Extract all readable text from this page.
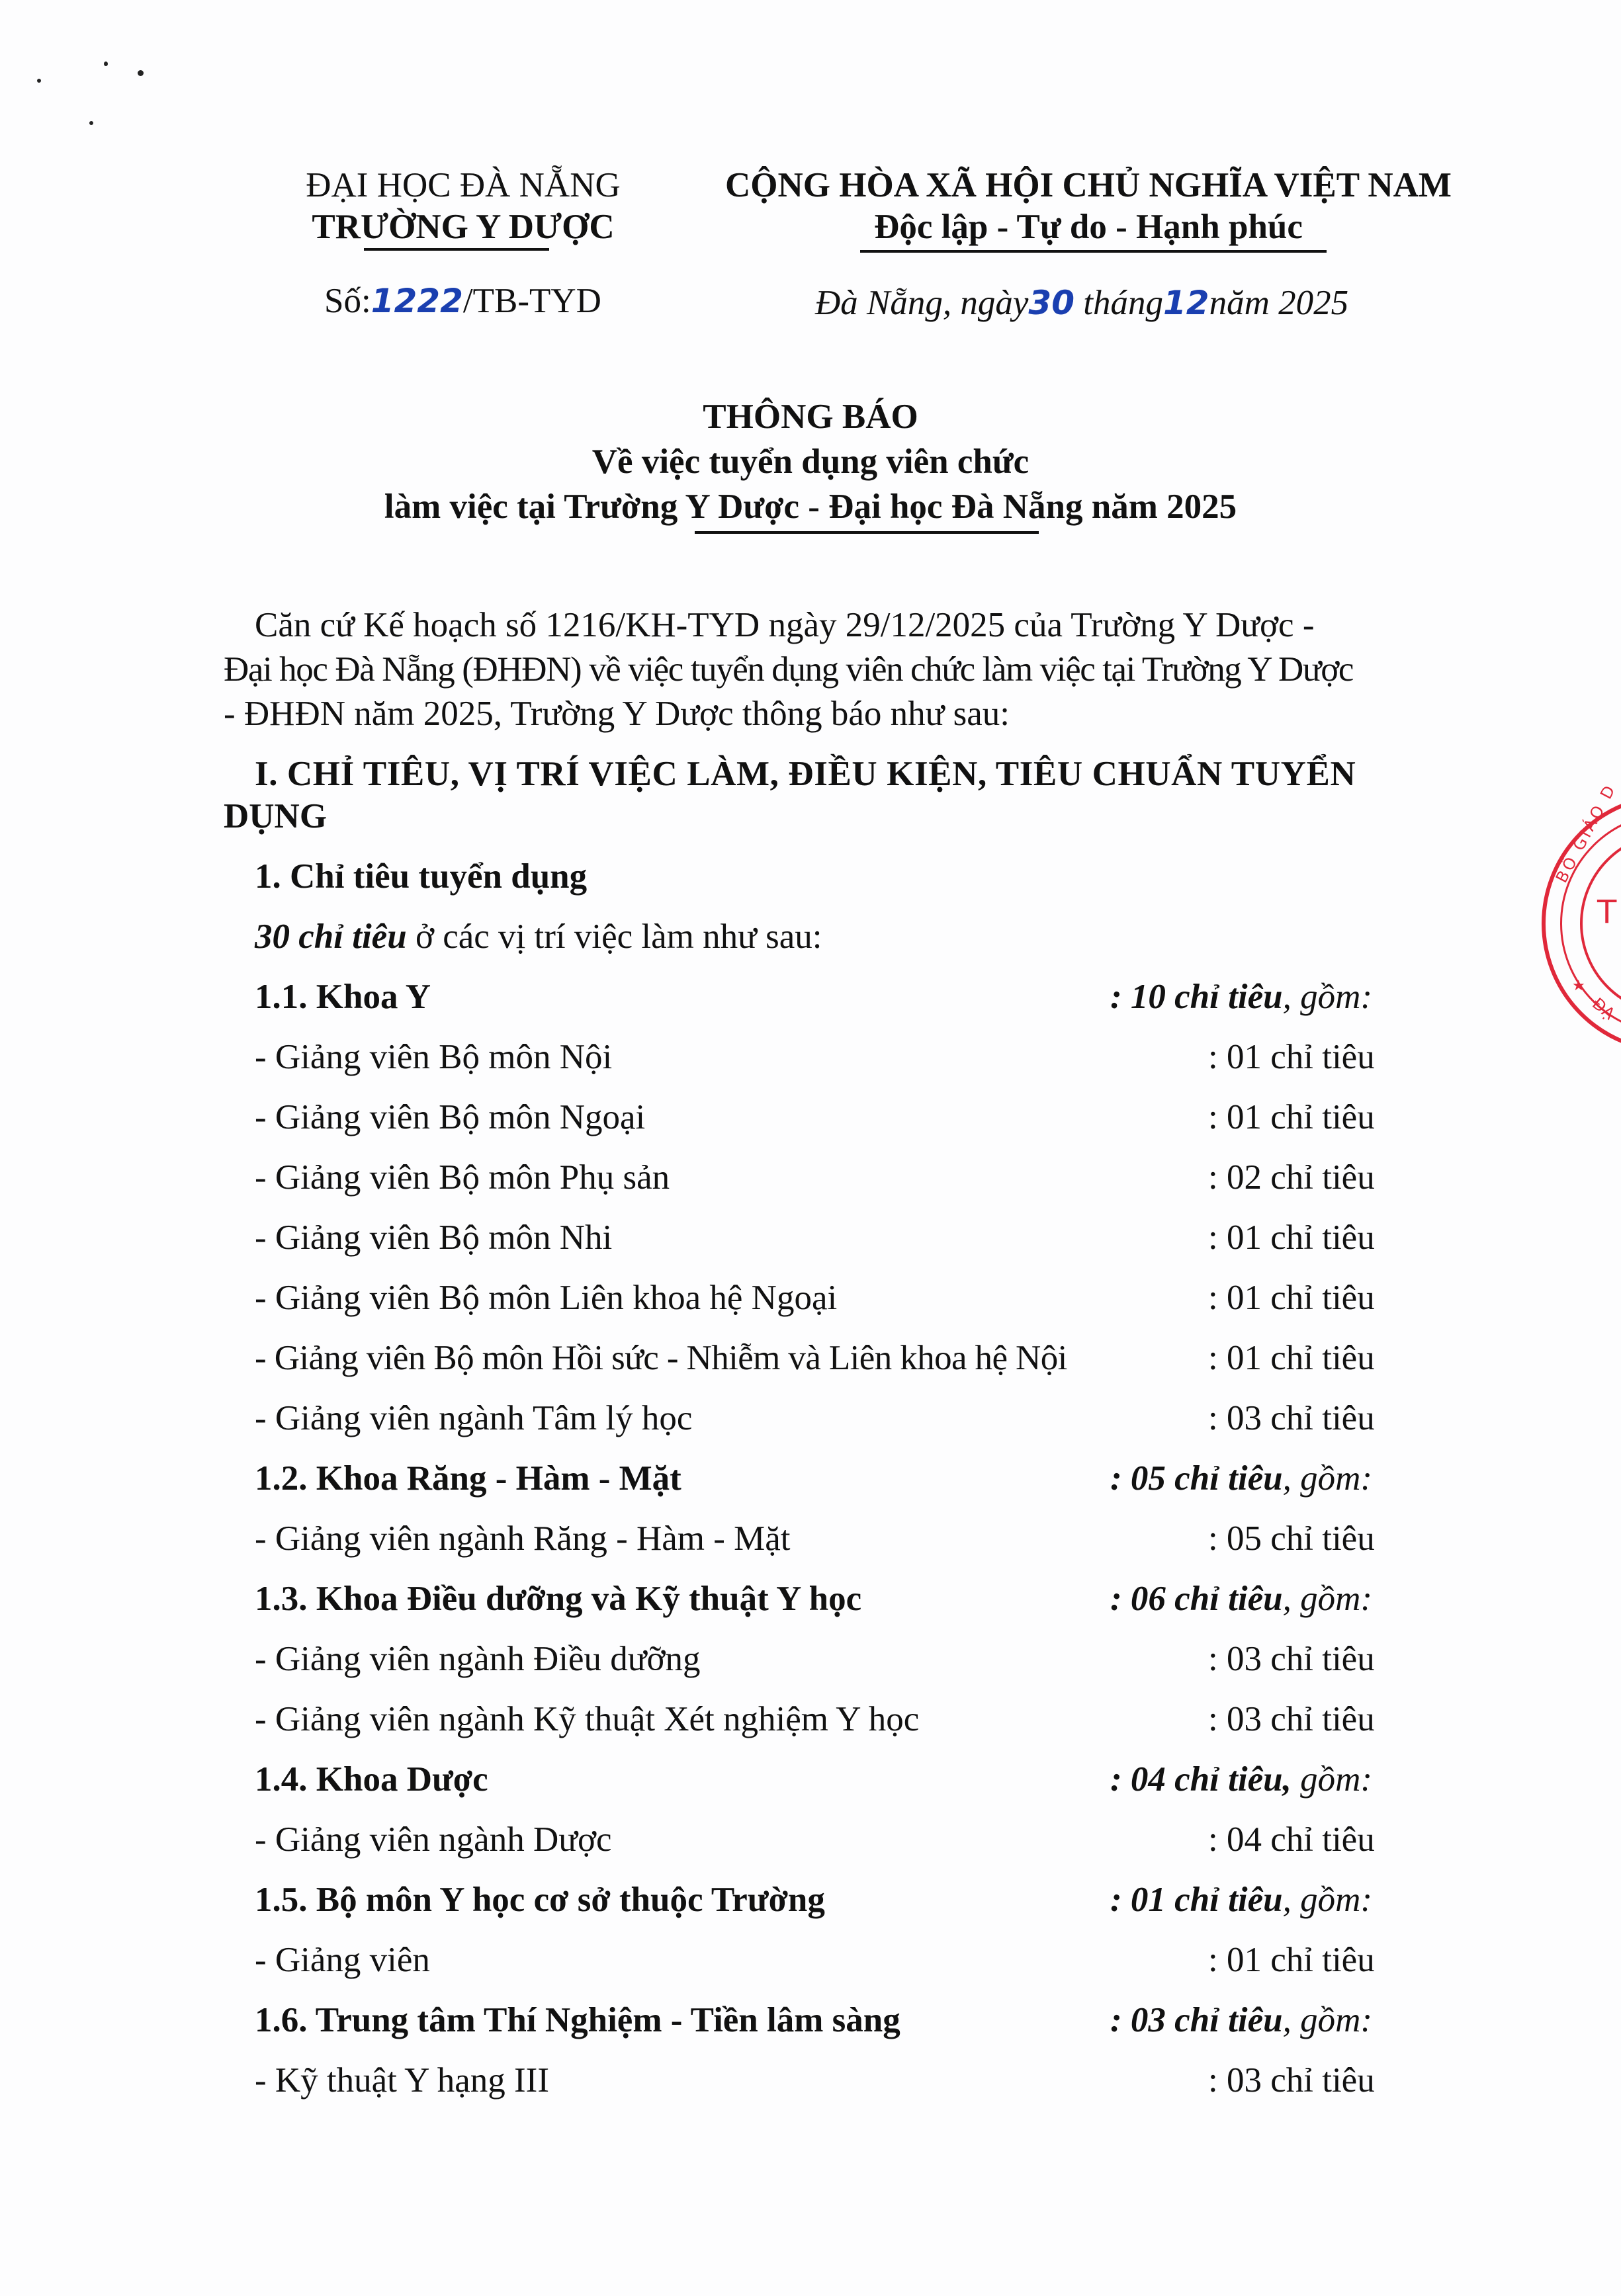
ĐẠI HỌC ĐÀ NẴNG
TRƯỜNG Y DƯỢC
Số:1222/TB-TYD
CỘNG HÒA XÃ HỘI CHỦ NGHĨA VIỆT NAM
Độc lập - Tự do - Hạnh phúc
Đà Nẵng, ngày30 tháng12năm 2025
THÔNG BÁO
Về việc tuyển dụng viên chức
làm việc tại Trường Y Dược - Đại học Đà Nẵng năm 2025
Căn cứ Kế hoạch số 1216/KH-TYD ngày 29/12/2025 của Trường Y Dược -
Đại học Đà Nẵng (ĐHĐN) về việc tuyển dụng viên chức làm việc tại Trường Y Dược
- ĐHĐN năm 2025, Trường Y Dược thông báo như sau:
I. CHỈ TIÊU, VỊ TRÍ VIỆC LÀM, ĐIỀU KIỆN, TIÊU CHUẨN TUYỂN
DỤNG
1. Chỉ tiêu tuyển dụng
30 chỉ tiêu ở các vị trí việc làm như sau:
1.1. Khoa Y	: 10 chỉ tiêu, gồm:
- Giảng viên Bộ môn Nội	: 01 chỉ tiêu
- Giảng viên Bộ môn Ngoại	: 01 chỉ tiêu
- Giảng viên Bộ môn Phụ sản	: 02 chỉ tiêu
- Giảng viên Bộ môn Nhi	: 01 chỉ tiêu
- Giảng viên Bộ môn Liên khoa hệ Ngoại	: 01 chỉ tiêu
- Giảng viên Bộ môn Hồi sức - Nhiễm và Liên khoa hệ Nội	: 01 chỉ tiêu
- Giảng viên ngành Tâm lý học	: 03 chỉ tiêu
1.2. Khoa Răng - Hàm - Mặt	: 05 chỉ tiêu, gồm:
- Giảng viên ngành Răng - Hàm - Mặt	: 05 chỉ tiêu
1.3. Khoa Điều dưỡng và Kỹ thuật Y học	: 06 chỉ tiêu, gồm:
- Giảng viên ngành Điều dưỡng	: 03 chỉ tiêu
- Giảng viên ngành Kỹ thuật Xét nghiệm Y học	: 03 chỉ tiêu
1.4. Khoa Dược	: 04 chỉ tiêu, gồm:
- Giảng viên ngành Dược	: 04 chỉ tiêu
1.5. Bộ môn Y học cơ sở thuộc Trường	: 01 chỉ tiêu, gồm:
- Giảng viên	: 01 chỉ tiêu
1.6. Trung tâm Thí Nghiệm - Tiền lâm sàng	: 03 chỉ tiêu, gồm:
- Kỹ thuật Y hạng III	: 03 chỉ tiêu
BỘ GIÁO D
★
ĐẠ
T
